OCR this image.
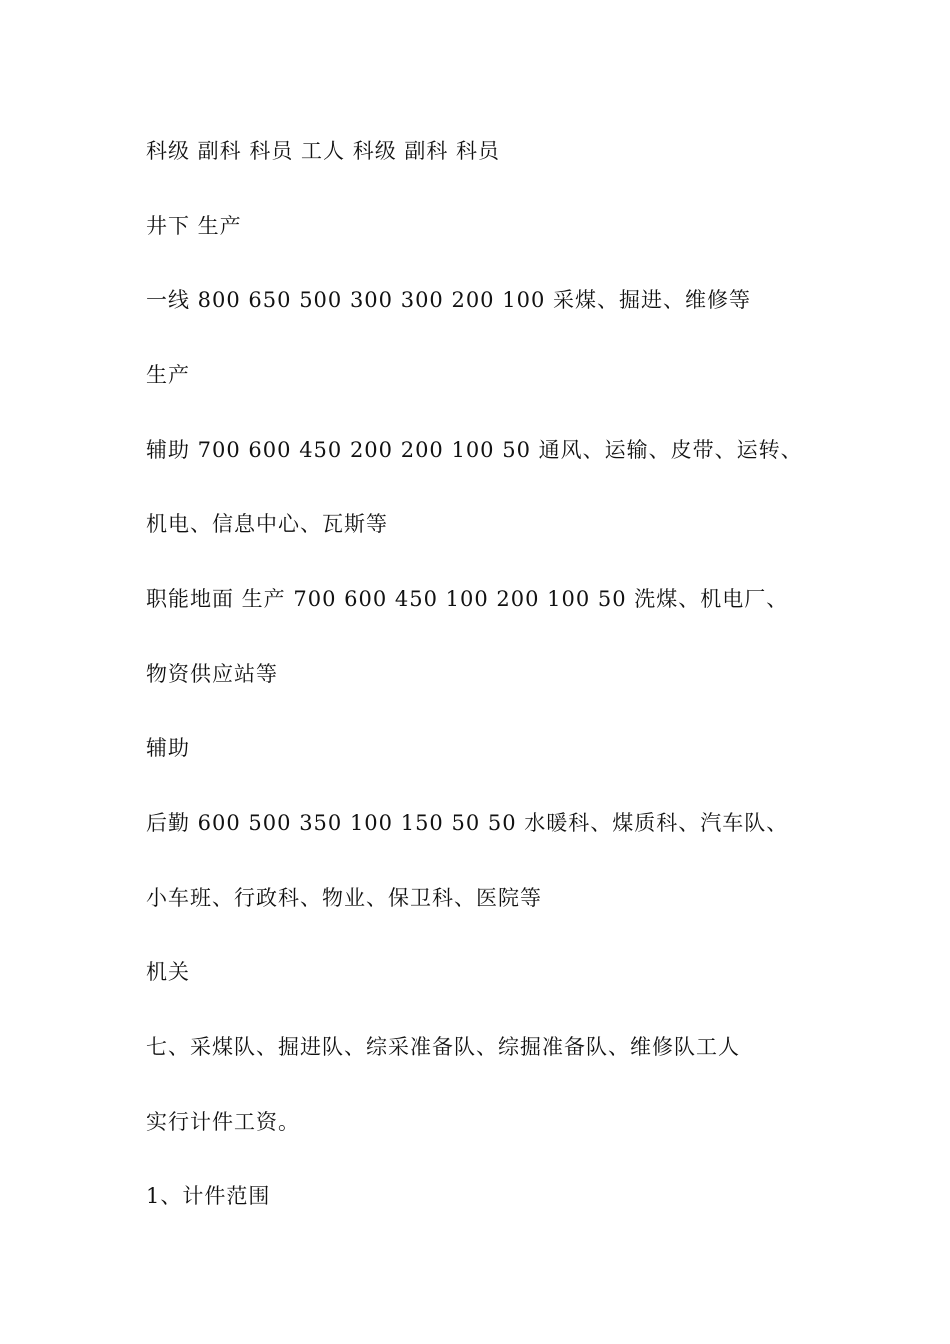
科级 副科 科员 工人 科级 副科 科员

井下 生产

一线 800 650 500 300 300 200 100 采煤、掘进、维修等

生产

辅助 700 600 450 200 200 100 50 通风、运输、皮带、运转、

机电、信息中心、瓦斯等

职能地面 生产 700 600 450 100 200 100 50 洗煤、机电厂、

物资供应站等

辅助

后勤 600 500 350 100 150 50 50 水暖科、煤质科、汽车队、

小车班、行政科、物业、保卫科、医院等

机关

七、采煤队、掘进队、综采准备队、综掘准备队、维修队工人

实行计件工资。

1、计件范围
